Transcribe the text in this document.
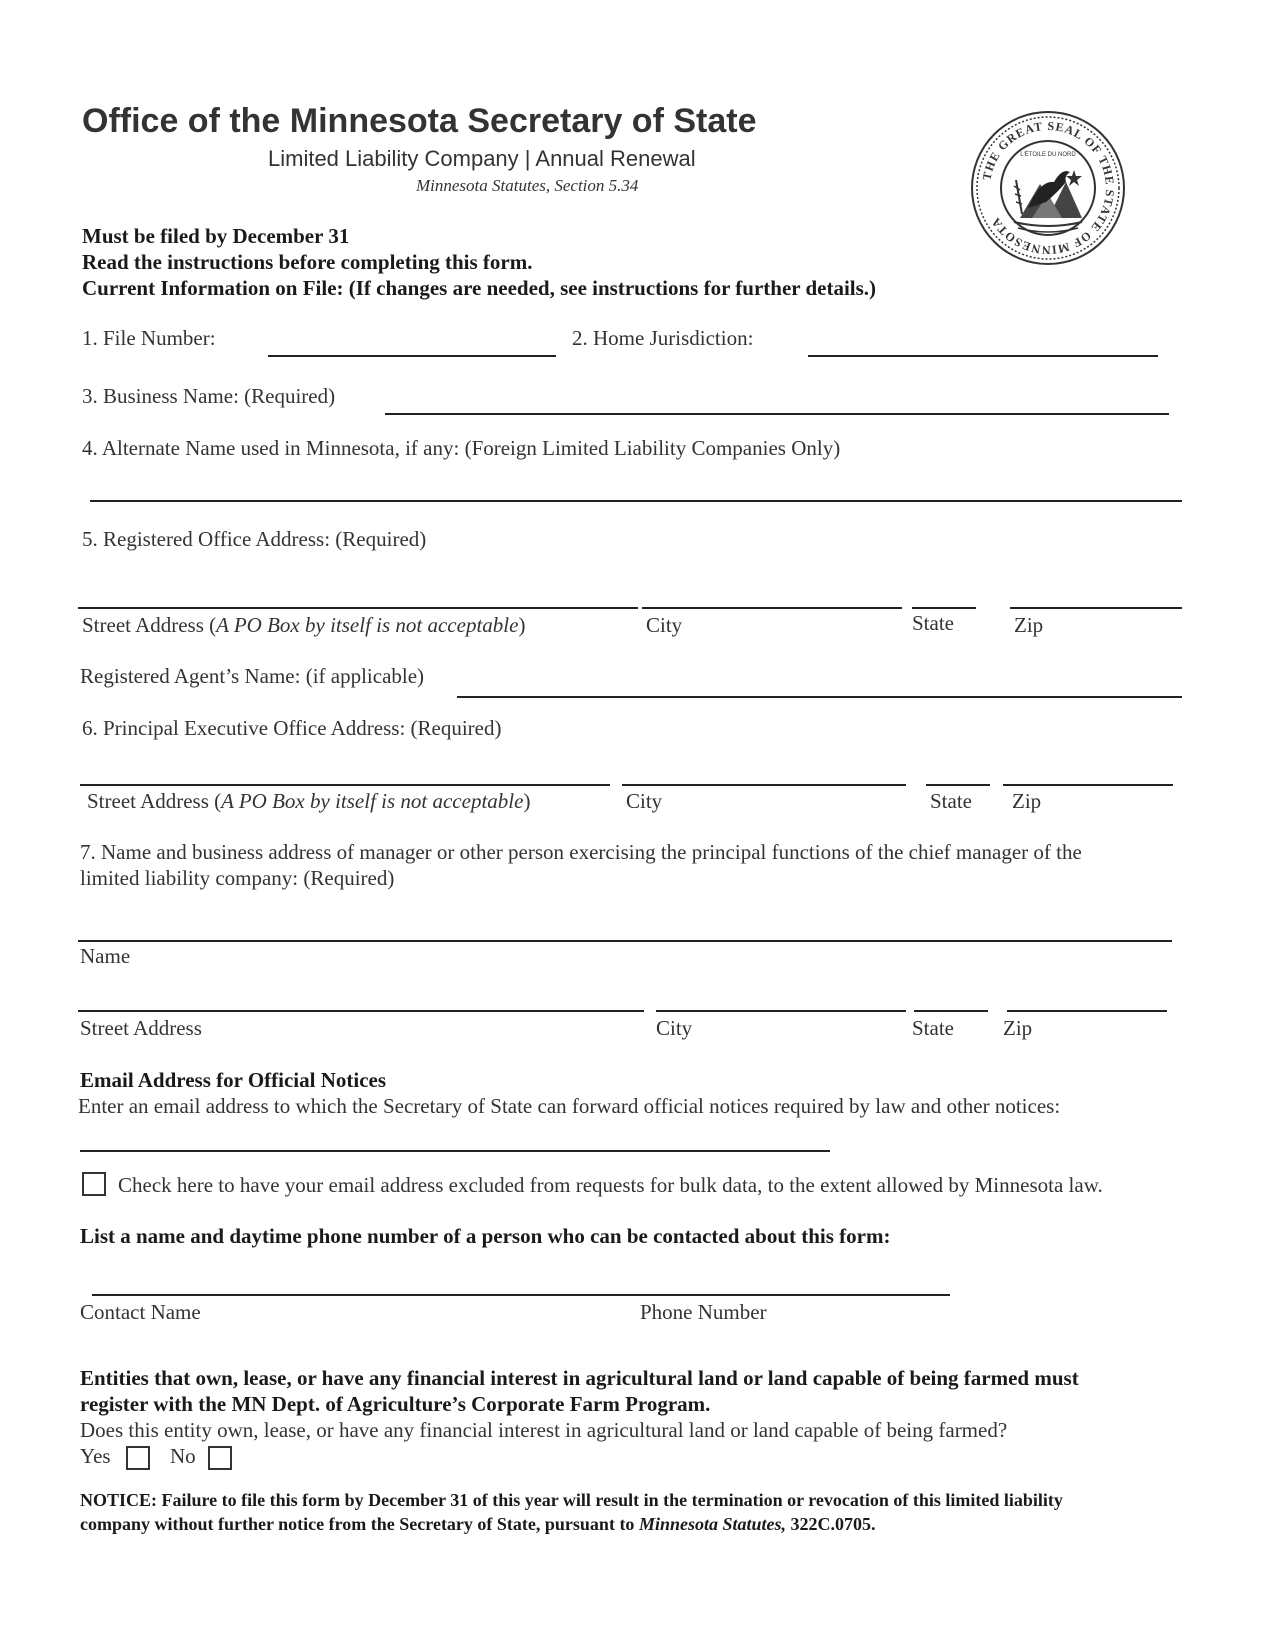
Office of the Minnesota Secretary of State
Limited Liability Company | Annual Renewal
Minnesota Statutes, Section 5.34
THE GREAT SEAL OF THE STATE OF MINNESOTA
L'ÉTOILE DU NORD
Must be filed by December 31
Read the instructions before completing this form.
Current Information on File: (If changes are needed, see instructions for further details.)
1. File Number:	2. Home Jurisdiction:
3. Business Name: (Required)
4. Alternate Name used in Minnesota, if any: (Foreign Limited Liability Companies Only)
5. Registered Office Address: (Required)
Street Address (A PO Box by itself is not acceptable)	City	State	Zip
Registered Agent’s Name: (if applicable)
6. Principal Executive Office Address: (Required)
Street Address (A PO Box by itself is not acceptable)	City	State Zip
7. Name and business address of manager or other person exercising the principal functions of the chief manager of the
limited liability company: (Required)
Name
Street Address	City	State Zip
Email Address for Official Notices
Enter an email address to which the Secretary of State can forward official notices required by law and other notices:
Check here to have your email address excluded from requests for bulk data, to the extent allowed by Minnesota law.
List a name and daytime phone number of a person who can be contacted about this form:
Contact Name	Phone Number
Entities that own, lease, or have any financial interest in agricultural land or land capable of being farmed must
register with the MN Dept. of Agriculture’s Corporate Farm Program.
Does this entity own, lease, or have any financial interest in agricultural land or land capable of being farmed?
Yes	No
NOTICE: Failure to file this form by December 31 of this year will result in the termination or revocation of this limited liability
company without further notice from the Secretary of State, pursuant to Minnesota Statutes, 322C.0705.
